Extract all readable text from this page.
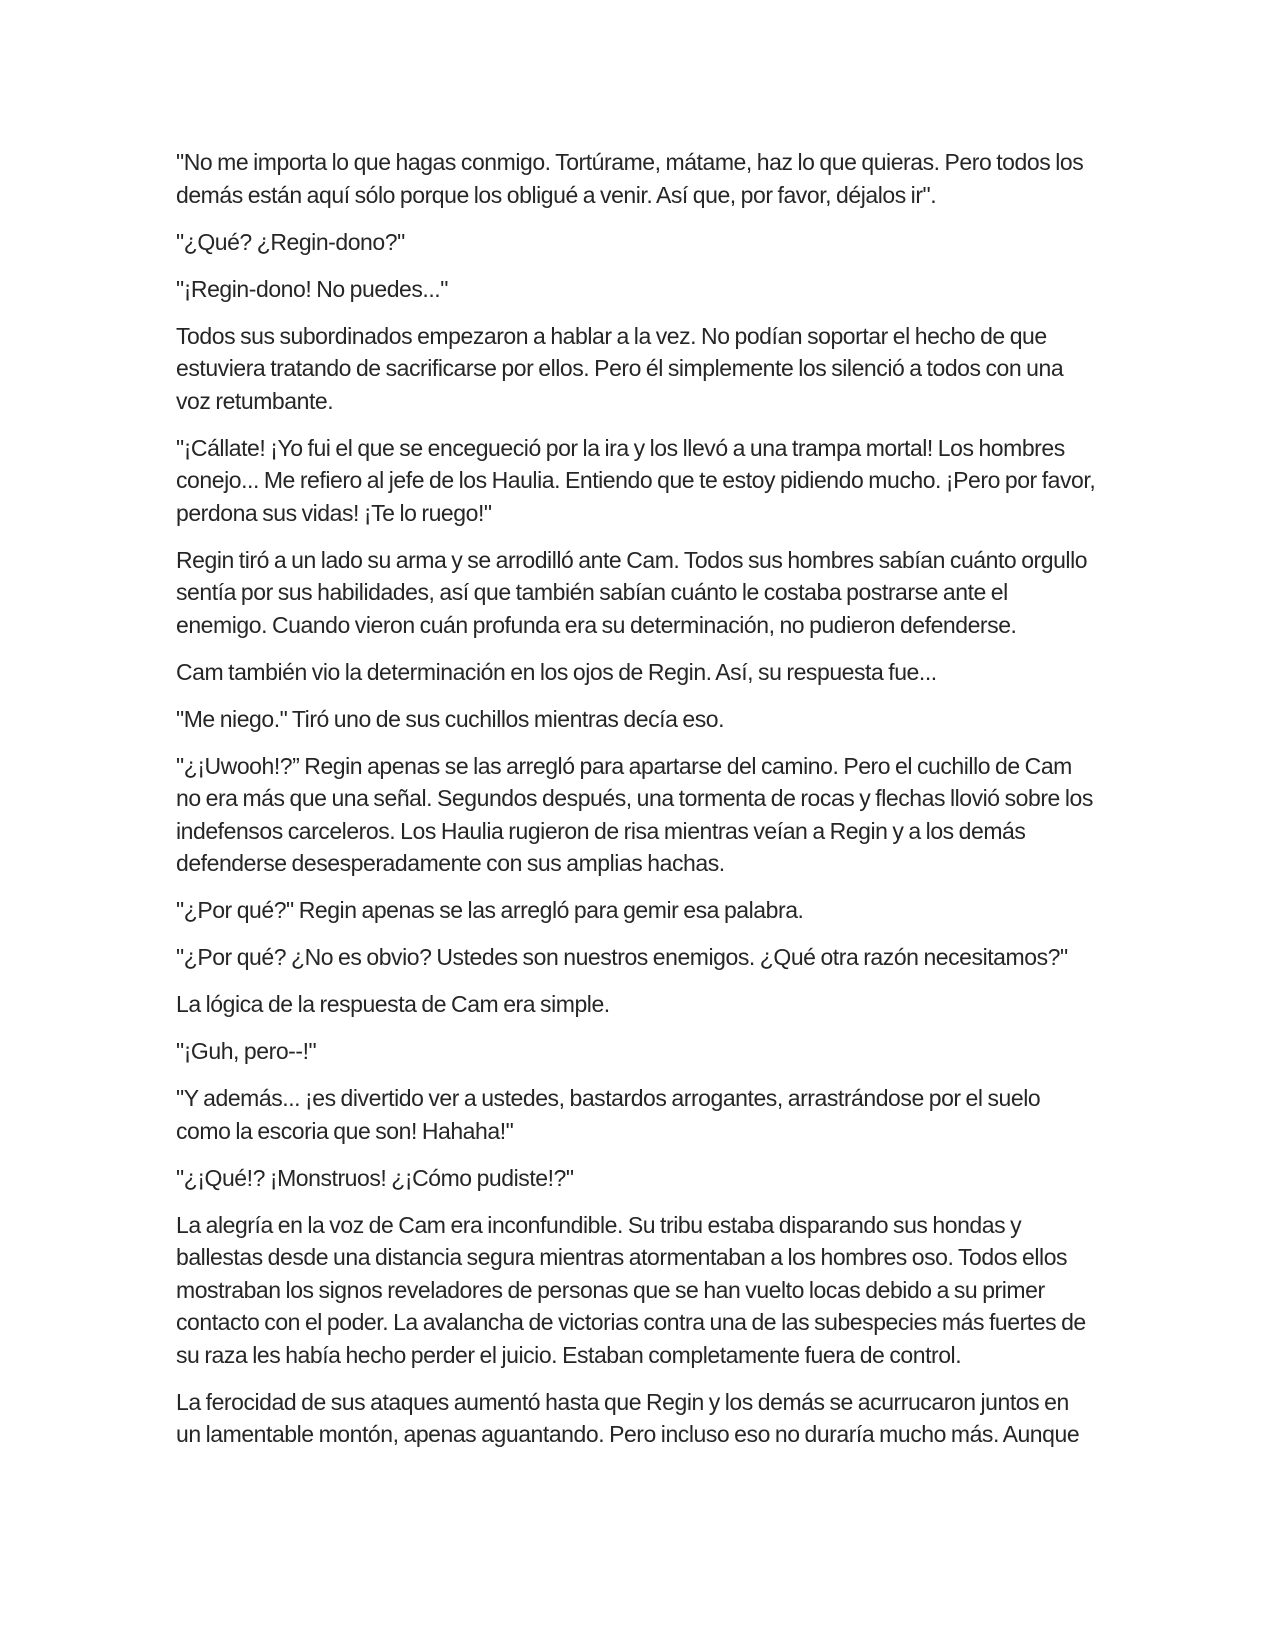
"No me importa lo que hagas conmigo. Tortúrame, mátame, haz lo que quieras. Pero todos los demás están aquí sólo porque los obligué a venir. Así que, por favor, déjalos ir".

"¿Qué? ¿Regin-dono?"

"¡Regin-dono! No puedes..."

Todos sus subordinados empezaron a hablar a la vez. No podían soportar el hecho de que estuviera tratando de sacrificarse por ellos. Pero él simplemente los silenció a todos con una voz retumbante.

"¡Cállate! ¡Yo fui el que se encegueció por la ira y los llevó a una trampa mortal! Los hombres conejo... Me refiero al jefe de los Haulia. Entiendo que te estoy pidiendo mucho. ¡Pero por favor, perdona sus vidas! ¡Te lo ruego!"

Regin tiró a un lado su arma y se arrodilló ante Cam. Todos sus hombres sabían cuánto orgullo sentía por sus habilidades, así que también sabían cuánto le costaba postrarse ante el enemigo. Cuando vieron cuán profunda era su determinación, no pudieron defenderse.

Cam también vio la determinación en los ojos de Regin. Así, su respuesta fue...

"Me niego." Tiró uno de sus cuchillos mientras decía eso.

"¿¡Uwooh!?” Regin apenas se las arregló para apartarse del camino. Pero el cuchillo de Cam no era más que una señal. Segundos después, una tormenta de rocas y flechas llovió sobre los indefensos carceleros. Los Haulia rugieron de risa mientras veían a Regin y a los demás defenderse desesperadamente con sus amplias hachas.

"¿Por qué?" Regin apenas se las arregló para gemir esa palabra.

"¿Por qué? ¿No es obvio? Ustedes son nuestros enemigos. ¿Qué otra razón necesitamos?"

La lógica de la respuesta de Cam era simple.

"¡Guh, pero--!"

"Y además... ¡es divertido ver a ustedes, bastardos arrogantes, arrastrándose por el suelo como la escoria que son! Hahaha!"

"¿¡Qué!? ¡Monstruos! ¿¡Cómo pudiste!?"

La alegría en la voz de Cam era inconfundible. Su tribu estaba disparando sus hondas y ballestas desde una distancia segura mientras atormentaban a los hombres oso. Todos ellos mostraban los signos reveladores de personas que se han vuelto locas debido a su primer contacto con el poder. La avalancha de victorias contra una de las subespecies más fuertes de su raza les había hecho perder el juicio. Estaban completamente fuera de control.

La ferocidad de sus ataques aumentó hasta que Regin y los demás se acurrucaron juntos en un lamentable montón, apenas aguantando. Pero incluso eso no duraría mucho más. Aunque
